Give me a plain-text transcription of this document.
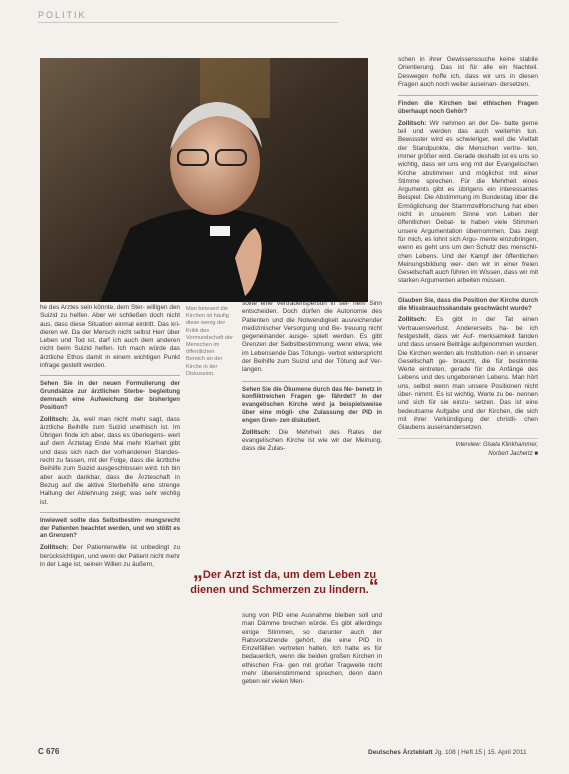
POLITIK

he des Arztes sein könnte, dem Ster- willigen den Suizid zu helfen. Aber wir schließen doch nicht aus, dass diese Situation einmal eintritt. Das kri- dieren wir. Da der Mensch nicht selbst Herr über Leben und Tod ist, darf ich auch dem anderen nicht beim Suizid helfen. Ich mach würde das ärztliche Ethos damit in einem wichtigen Punkt infrage gestellt werden.

Sehen Sie in der neuen Formulierung der Grundsätze zur ärztlichen Sterbe- begleitung demnach eine Aufweichung der bisherigen Position?

Zollitsch: Ja, weil man nicht mehr sagt, dass ärztliche Beihilfe zum Suizid unethisch ist. Im Übrigen finde ich aber, dass es überlegens- wert auf dem Ärztetag Ende Mai mehr Klarheit gibt und dass sich nach der vorhandenen Standes- recht zu fassen, mit der Folge, dass die ärztliche Beihilfe zum Suizid ausgeschlossen wird. Ich bin aber auch dankbar, dass die Ärzteschaft in Bezug auf die aktive Sterbehilfe eine strenge Haltung der Ablehnung zeigt; was sehr wichtig ist.

Inwieweit sollte das Selbstbestim- mungsrecht der Patienten beachtet werden, und wo stößt es an Grenzen?

Zollitsch: Der Patientenwille ist unbedingt zu berücksichtigen, und wenn der Patient nicht mehr in der Lage ist, seinen Willen zu äußern,

Man beteuert die Kirchen ist häufig diese wenig der Kritik des Vormundschaft der Menschen im öffentlichen Bereich an der Kirche in der Diskussion.

sollte eine Vertrauensperson in sei- nem Sinn entscheiden. Doch dürfen die Autonomie des Patienten und die Notwendigkeit ausreichender medizinischer Versorgung und Be- treuung nicht gegeneinander ausge- spielt werden. Es gibt Grenzen der Selbstbestimmung; wenn etwa, wie im Lebensende Das Tötungs- verbot widerspricht der Beihilfe zum Suizid und der Tötung auf Ver- langen.

Sehen Sie die Ökumene durch das Ne- benetz in konfliktreichen Fragen ge- fährdet? In der evangelischen Kirche wird ja beispielsweise über eine mögli- che Zulassung der PID in engen Gren- zen diskutiert.

Zollitsch: Die Mehrheit des Rates der evangelischen Kirche ist wie wir der Meinung, dass die Zulas-

„Der Arzt ist da, um dem Leben zu dienen und Schmerzen zu lindern.“

sung von PID eine Ausnahme bleiben soll und man Dämme brechen würde. Es gibt allerdings einige Stimmen, so darunter auch der Ratsvorsitzende gehört, die eine PID in Einzelfällen vertreten halten. Ich halte es für bedauerlich, wenn die beiden großen Kirchen in ethischen Fra- gen mit großer Tragweite nicht mehr übereinstimmend sprechen, denn dann geben wir vielen Men-

schen in ihrer Gewissenssuche keine stabile Orientierung. Das ist für alle ein Nachteil. Deswegen hoffe ich, dass wir uns in diesen Fragen auch noch weiter auseinan- dersetzen.

Finden die Kirchen bei ethischen Fragen überhaupt noch Gehör?

Zollitsch: Wir nehmen an der De- batte gerne teil und werden das auch weiterhin tun. Bewusster wird es schwieriger, weil die Vielfalt der Standpunkte, die Menschen vertre- ten, immer größer wird. Gerade deshalb ist es uns so wichtig, dass wir uns eng mit der Evangelischen Kirche abstimmen und möglichst mit einer Stimme sprechen. Für die Mehrheit eines Arguments gibt es übrigens ein interessantes Beispiel: Die Abstimmung im Bundestag über die Ermöglichung der Stammzellforschung hat eben nicht in unserem Sinne von Leben der öffentlichen Debat- te haben viele Stimmen unsere Argumentation übernommen. Das zeigt für mich, es lohnt sich Argu- mente einzubringen, wenn es geht uns um den Schutz des menschli- chen Lebens. Und der Kampf der öffentlichen Meinungsbildung wer- den wir in einer freien Gesellschaft auch führen im Wissen, dass wir mit starken Argumenten arbeiten müssen.

Glauben Sie, dass die Position der Kirche durch die Missbrauchsskandale geschwächt wurde?

Zollitsch: Es gibt in der Tat einen Vertrauensverlust. Andererseits ha- be ich festgestellt, dass wir Auf- merksamkeit fanden und dass unsere Beiträge aufgenommen wurden. Die Kirchen werden als Institution- nen in unserer Gesellschaft ge- braucht, die für bestimmte Werte eintreten, gerade für die Anfänge des Lebens und des ungeborenen Lebens. Man hört uns, selbst wenn man unsere Positionen nicht über- nimmt. Es ist wichtig, Werte zu be- nennen und sich für sie einzu- setzen. Das ist eine bedeutsame Aufgabe und der Kirchen, die sich mit ihrer Verkündigung der christli- chen Glaubens auseinandersetzen.

Interview: Gisela Klinkhammer,
Norbert Jachertz ■

C 676	Deutsches Ärzteblatt Jg. 108 | Heft 15 | 15. April 2011
